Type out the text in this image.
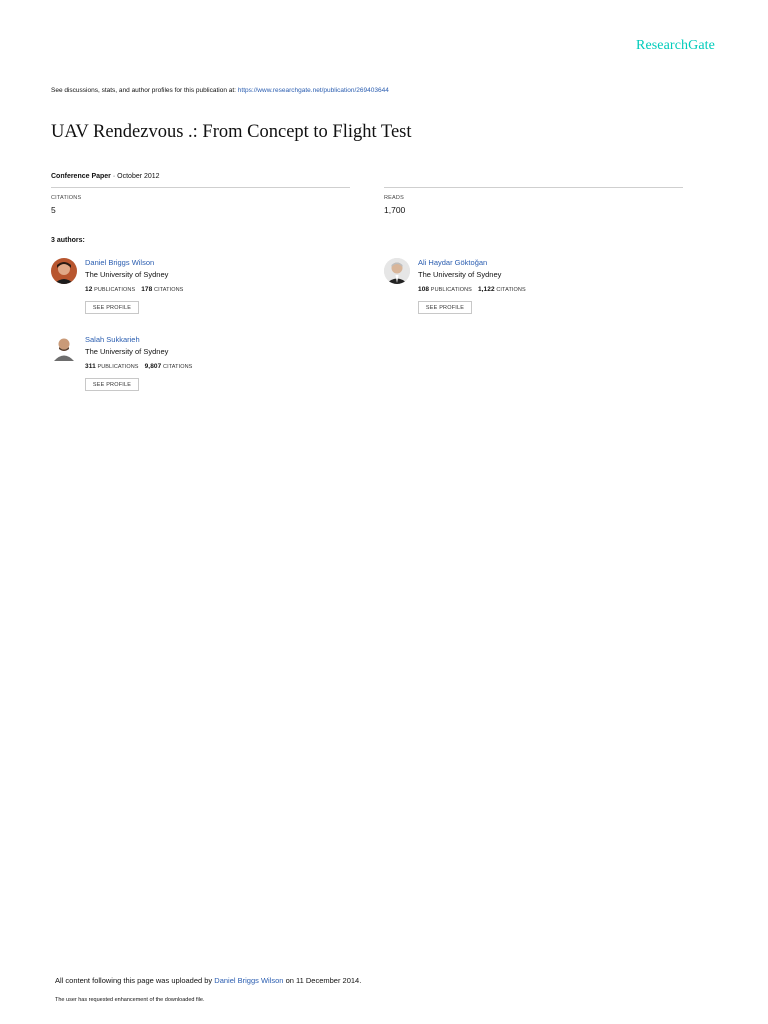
ResearchGate
See discussions, stats, and author profiles for this publication at: https://www.researchgate.net/publication/269403644
UAV Rendezvous .: From Concept to Flight Test
Conference Paper · October 2012
CITATIONS
5
READS
1,700
3 authors:
Daniel Briggs Wilson
The University of Sydney
12 PUBLICATIONS 178 CITATIONS
SEE PROFILE
Ali Haydar Göktoğan
The University of Sydney
108 PUBLICATIONS 1,122 CITATIONS
SEE PROFILE
Salah Sukkarieh
The University of Sydney
311 PUBLICATIONS 9,807 CITATIONS
SEE PROFILE
All content following this page was uploaded by Daniel Briggs Wilson on 11 December 2014.
The user has requested enhancement of the downloaded file.
